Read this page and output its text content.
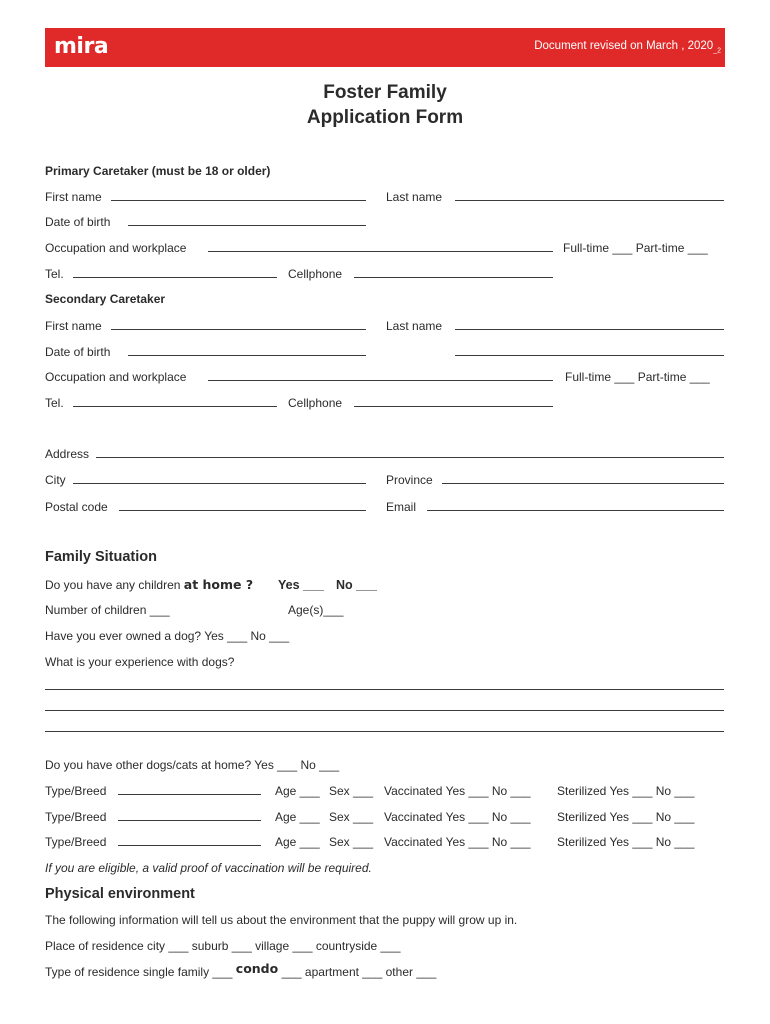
mira	Document revised on March , $2020_{\_2}$
Foster Family
Application Form
Primary Caretaker (must be 18 or older)
First name	Last name
Date of birth
Occupation and workplace	Full-time ___ Part-time ___
Tel.	Cellphone
Secondary Caretaker
First name	Last name
Date of birth
Occupation and workplace	Full-time ___ Part-time ___
Tel.	Cellphone
Address
City	Province
Postal code	Email
Family Situation
Do you have any children at home ? Yes ___ No ___
Number of children ___	Age(s)___
Have you ever owned a dog? Yes ___ No ___
What is your experience with dogs?
Do you have other dogs/cats at home? Yes ___ No ___
Type/Breed	Age ___ Sex ___ Vaccinated Yes ___ No ___ Sterilized Yes ___ No ___
Type/Breed	Age ___ Sex ___ Vaccinated Yes ___ No ___ Sterilized Yes ___ No ___
Type/Breed	Age ___ Sex ___ Vaccinated Yes ___ No ___ Sterilized Yes ___ No ___
If you are eligible, a valid proof of vaccination will be required.
Physical environment
The following information will tell us about the environment that the puppy will grow up in.
Place of residence city ___ suburb ___ village ___ countryside ___
Type of residence single family ___ condo ___ apartment ___ other ___
